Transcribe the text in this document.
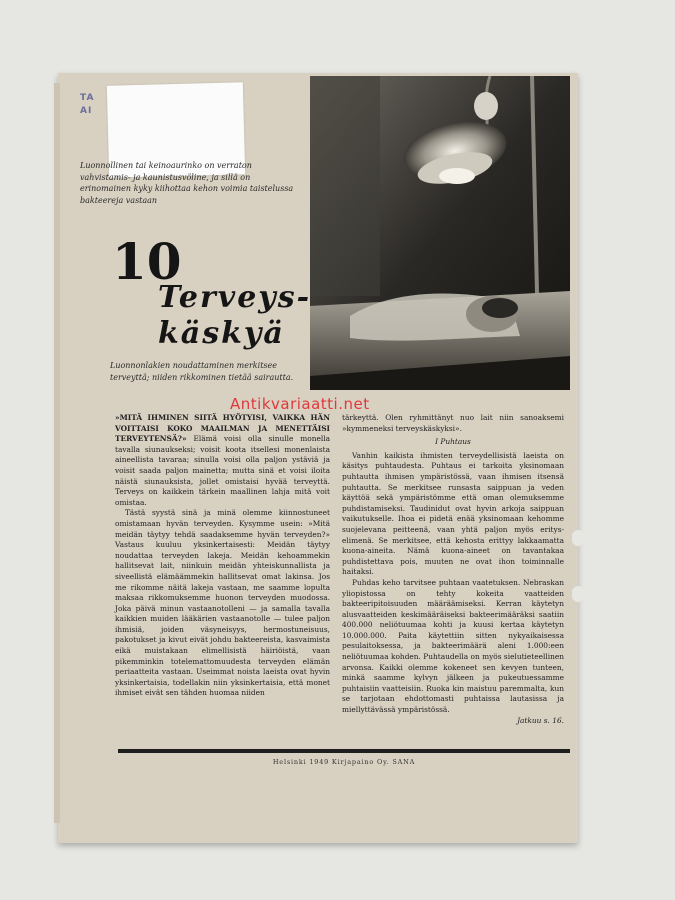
TA
AI
Luonnollinen tai keinoaurinko on verraton vahvistamis- ja kaunistusvöline, ja sillä on erinomainen kyky kiihottaa kehon voimia taistelussa bakteereja vastaan
10
Terveys-
käskyä
Luonnonlakien noudattaminen merkitsee terveyttä; niiden rikkominen tietää sairautta.
Antikvariaatti.net

»MITÄ IHMINEN SIITÄ HYÖTYISI, VAIKKA HÄN VOITTAISI KOKO MAAILMAN JA MENETTÄISI TERVEYTENSÄ?» Elämä voisi olla sinulle monella tavalla siunaukseksi; voisit koota itsellesi monenlaista aineellista tavaraa; sinulla voisi olla paljon ystäviä ja voisit saada paljon mainetta; mutta sinä et voisi iloita näistä siunauksista, jollet omistaisi hyvää terveyttä. Terveys on kaikkein tärkein maallinen lahja mitä voit omistaa.

Tästä syystä sinä ja minä olemme kiinnostuneet omistamaan hyvän terveyden. Kysymme usein: »Mitä meidän täytyy tehdä saadaksemme hyvän terveyden?» Vastaus kuuluu yksinkertaisesti: Meidän täytyy noudattaa terveyden lakeja. Meidän kehoammekin hallitsevat lait, niinkuin meidän yhteiskunnallista ja siveellistä elämäämmekin hallitsevat omat lakinsa. Jos me rikomme näitä lakeja vastaan, me saamme lopulta maksaa rikkomuksemme huonon terveyden muodossa. Joka päivä minun vastaanotolleni — ja samalla tavalla kaikkien muiden lääkärien vastaanotolle — tulee paljon ihmisiä, joiden väsyneisyys, hermostuneisuus, pakotukset ja kivut eivät johdu bakteereista, kasvaimista eikä muistakaan elimellisistä häiriöistä, vaan pikemminkin totelemattomuudesta terveyden elämän periaatteita vastaan. Useimmat noista laeista ovat hyvin yksinkertaisia, todellakin niin yksinkertaisia, että monet ihmiset eivät sen tähden huomaa niiden

tärkeyttä. Olen ryhmittänyt nuo lait niin sanoaksemi »kymmeneksi terveyskäskyksi».

I Puhtaus

Vanhin kaikista ihmisten terveydellisistä laeista on käsitys puhtaudesta. Puhtaus ei tarkoita yksinomaan puhtautta ihmisen ympäristössä, vaan ihmisen itsensä puhtautta. Se merkitsee runsasta saippuan ja veden käyttöä sekä ympäristömme että oman olemuksemme puhdistamiseksi. Taudinidut ovat hyvin arkoja saippuan vaikutukselle. Ihoa ei pidetä enää yksinomaan kehomme suojelevana peitteenä, vaan yhtä paljon myös erityselimenä. Se merkitsee, että kehosta erittyy lakkaamatta kuona-aineita. Nämä kuona-aineet on tavantakaa puhdistettava pois, muuten ne ovat ihon toiminnalle haitaksi.

Puhdas keho tarvitsee puhtaan vaatetuksen. Nebraskan yliopistossa on tehty kokeita vaatteiden bakteeripitoisuuden määräämiseksi. Kerran käytetyn alusvaatteiden keskimääräiseksi bakteerimääräksi saatiin 400.000 neliötuumaa kohti ja kuusi kertaa käytetyn 10.000.000. Paita käytettiin sitten nykyaikaisessa pesulaitoksessa, ja bakteerimäärä aleni 1.000:een neliötuumaa kohden. Puhtaudella on myös sielutieteellinen arvonsa. Kaikki olemme kokeneet sen kevyen tunteen, minkä saamme kylvyn jälkeen ja pukeutuessamme puhtaisiin vaatteisiin. Ruoka kin maistuu paremmalta, kun se tarjotaan ehdottomasti puhtaissa lautasissa ja miellyttävässä ympäristössä.

Jatkuu s. 16.

Helsinki 1949 Kirjapaino Oy. SANA
